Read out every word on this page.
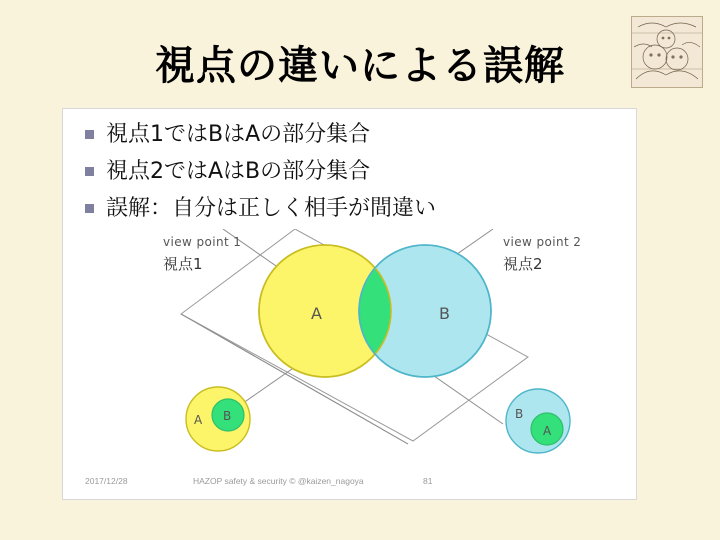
視点の違いによる誤解
視点1ではBはAの部分集合
視点2ではAはBの部分集合
誤解：自分は正しく相手が間違い
view point 1
視点1
view point 2
視点2
A	B
A B	B
A
2017/12/28	HAZOP safety & security © @kaizen_nagoya	81
